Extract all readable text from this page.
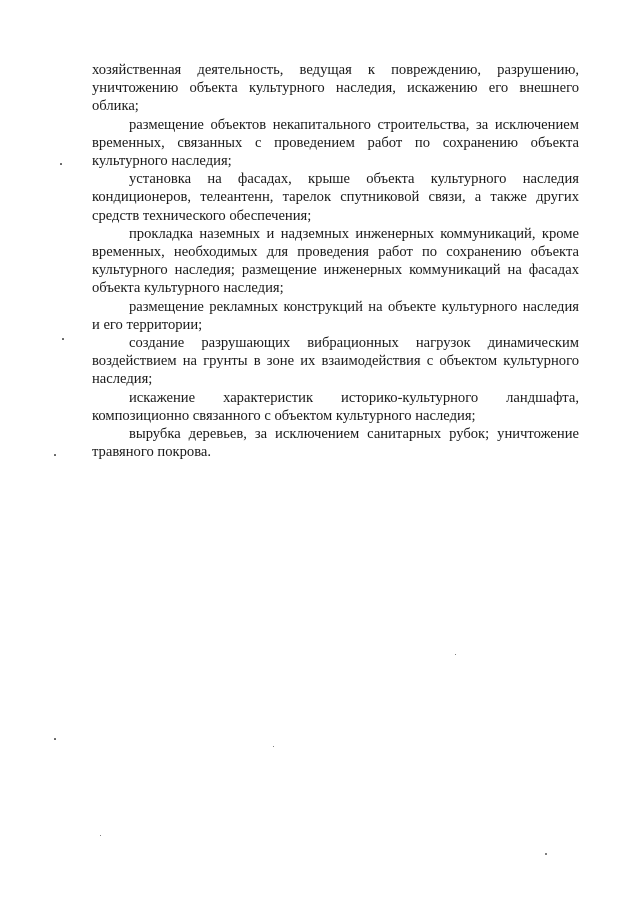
хозяйственная деятельность, ведущая к повреждению, разрушению, уничтожению объекта культурного наследия, искажению его внешнего облика;

размещение объектов некапитального строительства, за исключением временных, связанных с проведением работ по сохранению объекта культурного наследия;

установка на фасадах, крыше объекта культурного наследия кондиционеров, телеантенн, тарелок спутниковой связи, а также других средств технического обеспечения;

прокладка наземных и надземных инженерных коммуникаций, кроме временных, необходимых для проведения работ по сохранению объекта культурного наследия; размещение инженерных коммуникаций на фасадах объекта культурного наследия;

размещение рекламных конструкций на объекте культурного наследия и его территории;

создание разрушающих вибрационных нагрузок динамическим воздействием на грунты в зоне их взаимодействия с объектом культурного наследия;

искажение характеристик историко-культурного ландшафта, композиционно связанного с объектом культурного наследия;

вырубка деревьев, за исключением санитарных рубок; уничтожение травяного покрова.
